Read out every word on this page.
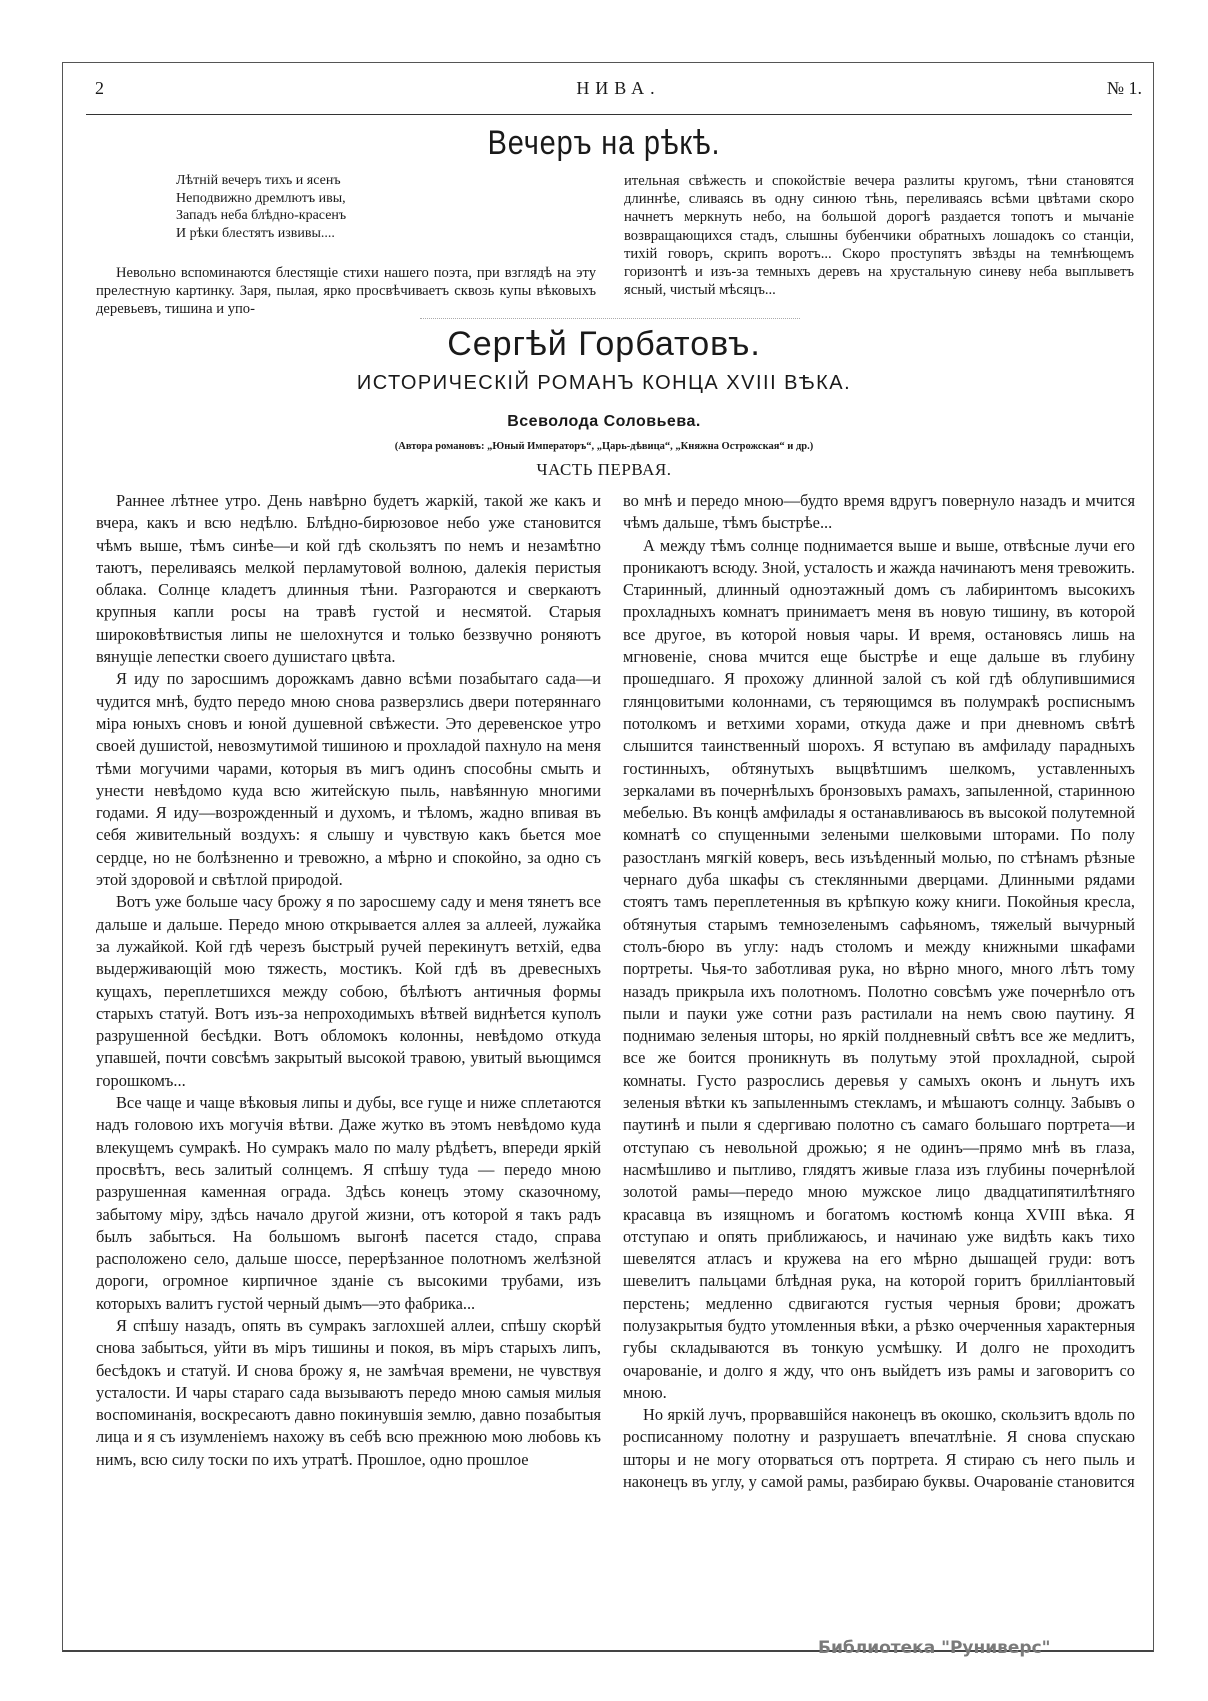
2	НИВА.	№ 1.
Вечеръ на рѣкѣ.
Лѣтній вечеръ тихъ и ясенъ
Неподвижно дремлютъ ивы,
Западъ неба блѣдно-красенъ
И рѣки блестятъ извивы....

Невольно вспоминаются блестящіе стихи нашего поэта, при взглядѣ на эту прелестную картинку. Заря, пылая, ярко просвѣчиваетъ сквозь купы вѣковыхъ деревьевъ, тишина и упо-

ительная свѣжесть и спокойствіе вечера разлиты кругомъ, тѣни становятся длиннѣе, сливаясь въ одну синюю тѣнь, переливаясь всѣми цвѣтами скоро начнетъ меркнуть небо, на большой дорогѣ раздается топотъ и мычаніе возвращающихся стадъ, слышны бубенчики обратныхъ лошадокъ со станціи, тихій говоръ, скрипъ воротъ... Скоро проступятъ звѣзды на темнѣющемъ горизонтѣ и изъ-за темныхъ деревъ на хрустальную синеву неба выплыветъ ясный, чистый мѣсяцъ...

Сергѣй Горбатовъ.
ИСТОРИЧЕСКІЙ РОМАНЪ КОНЦА XVIII ВѢКА.
Всеволода Соловьева.
(Автора романовъ: „Юный Императоръ“, „Царь-дѣвица“, „Княжна Острожская“ и др.)
ЧАСТЬ ПЕРВАЯ.

Раннее лѣтнее утро. День навѣрно будетъ жаркій, такой же какъ и вчера, какъ и всю недѣлю. Блѣдно-бирюзовое небо уже становится чѣмъ выше, тѣмъ синѣе—и кой гдѣ скользятъ по немъ и незамѣтно таютъ, переливаясь мелкой перламутовой волною, далекія перистыя облака. Солнце кладетъ длинныя тѣни. Разгораются и сверкаютъ крупныя капли росы на травѣ густой и несмятой. Старыя широковѣтвистыя липы не шелохнутся и только беззвучно роняютъ вянущіе лепестки своего душистаго цвѣта.

Я иду по заросшимъ дорожкамъ давно всѣми позабытаго сада—и чудится мнѣ, будто передо мною снова разверзлись двери потеряннаго міра юныхъ сновъ и юной душевной свѣжести. Это деревенское утро своей душистой, невозмутимой тишиною и прохладой пахнуло на меня тѣми могучими чарами, которыя въ мигъ одинъ способны смыть и унести невѣдомо куда всю житейскую пыль, навѣянную многими годами. Я иду—возрожденный и духомъ, и тѣломъ, жадно впивая въ себя живительный воздухъ: я слышу и чувствую какъ бьется мое сердце, но не болѣзненно и тревожно, а мѣрно и спокойно, за одно съ этой здоровой и свѣтлой природой.

Вотъ уже больше часу брожу я по заросшему саду и меня тянетъ все дальше и дальше. Передо мною открывается аллея за аллеей, лужайка за лужайкой. Кой гдѣ черезъ быстрый ручей перекинутъ ветхій, едва выдерживающій мою тяжесть, мостикъ. Кой гдѣ въ древесныхъ кущахъ, переплетшихся между собою, бѣлѣютъ античныя формы старыхъ статуй. Вотъ изъ-за непроходимыхъ вѣтвей виднѣется куполъ разрушенной бесѣдки. Вотъ обломокъ колонны, невѣдомо откуда упавшей, почти совсѣмъ закрытый высокой травою, увитый вьющимся горошкомъ...

Все чаще и чаще вѣковыя липы и дубы, все гуще и ниже сплетаются надъ головою ихъ могучія вѣтви. Даже жутко въ этомъ невѣдомо куда влекущемъ сумракѣ. Но сумракъ мало по малу рѣдѣетъ, впереди яркій просвѣтъ, весь залитый солнцемъ. Я спѣшу туда — передо мною разрушенная каменная ограда. Здѣсь конецъ этому сказочному, забытому міру, здѣсь начало другой жизни, отъ которой я такъ радъ былъ забыться. На большомъ выгонѣ пасется стадо, справа расположено село, дальше шоссе, перерѣзанное полотномъ желѣзной дороги, огромное кирпичное зданіе съ высокими трубами, изъ которыхъ валитъ густой черный дымъ—это фабрика...

Я спѣшу назадъ, опять въ сумракъ заглохшей аллеи, спѣшу скорѣй снова забыться, уйти въ міръ тишины и покоя, въ міръ старыхъ липъ, бесѣдокъ и статуй. И снова брожу я, не замѣчая времени, не чувствуя усталости. И чары стараго сада вызываютъ передо мною самыя милыя воспоминанія, воскресаютъ давно покинувшія землю, давно позабытыя лица и я съ изумленіемъ нахожу въ себѣ всю прежнюю мою любовь къ нимъ, всю силу тоски по ихъ утратѣ. Прошлое, одно прошлое

во мнѣ и передо мною—будто время вдругъ повернуло назадъ и мчится чѣмъ дальше, тѣмъ быстрѣе...

А между тѣмъ солнце поднимается выше и выше, отвѣсные лучи его проникаютъ всюду. Зной, усталость и жажда начинаютъ меня тревожить. Старинный, длинный одноэтажный домъ съ лабиринтомъ высокихъ прохладныхъ комнатъ принимаетъ меня въ новую тишину, въ которой все другое, въ которой новыя чары. И время, остановясь лишь на мгновеніе, снова мчится еще быстрѣе и еще дальше въ глубину прошедшаго. Я прохожу длинной залой съ кой гдѣ облупившимися глянцовитыми колоннами, съ теряющимся въ полумракѣ росписнымъ потолкомъ и ветхими хорами, откуда даже и при дневномъ свѣтѣ слышится таинственный шорохъ. Я вступаю въ амфиладу парадныхъ гостинныхъ, обтянутыхъ выцвѣтшимъ шелкомъ, уставленныхъ зеркалами въ почернѣлыхъ бронзовыхъ рамахъ, запыленной, старинною мебелью. Въ концѣ амфилады я останавливаюсь въ высокой полутемной комнатѣ со спущенными зелеными шелковыми шторами. По полу разостланъ мягкій коверъ, весь изъѣденный молью, по стѣнамъ рѣзные чернаго дуба шкафы съ стеклянными дверцами. Длинными рядами стоятъ тамъ переплетенныя въ крѣпкую кожу книги. Покойныя кресла, обтянутыя старымъ темнозеленымъ сафьяномъ, тяжелый вычурный столъ-бюро въ углу: надъ столомъ и между книжными шкафами портреты. Чья-то заботливая рука, но вѣрно много, много лѣтъ тому назадъ прикрыла ихъ полотномъ. Полотно совсѣмъ уже почернѣло отъ пыли и пауки уже сотни разъ растилали на немъ свою паутину. Я поднимаю зеленыя шторы, но яркій полдневный свѣтъ все же медлитъ, все же боится проникнуть въ полутьму этой прохладной, сырой комнаты. Густо разрослись деревья у самыхъ оконъ и льнутъ ихъ зеленыя вѣтки къ запыленнымъ стекламъ, и мѣшаютъ солнцу. Забывъ о паутинѣ и пыли я сдергиваю полотно съ самаго большаго портрета—и отступаю съ невольной дрожью; я не одинъ—прямо мнѣ въ глаза, насмѣшливо и пытливо, глядятъ живые глаза изъ глубины почернѣлой золотой рамы—передо мною мужское лицо двадцатипятилѣтняго красавца въ изящномъ и богатомъ костюмѣ конца XVIII вѣка. Я отступаю и опять приближаюсь, и начинаю уже видѣть какъ тихо шевелятся атласъ и кружева на его мѣрно дышащей груди: вотъ шевелитъ пальцами блѣдная рука, на которой горитъ брилліантовый перстень; медленно сдвигаются густыя черныя брови; дрожатъ полузакрытыя будто утомленныя вѣки, а рѣзко очерченныя характерныя губы складываются въ тонкую усмѣшку. И долго не проходитъ очарованіе, и долго я жду, что онъ выйдетъ изъ рамы и заговоритъ со мною.

Но яркій лучъ, прорвавшійся наконецъ въ окошко, скользитъ вдоль по росписанному полотну и разрушаетъ впечатлѣніе. Я снова спускаю шторы и не могу оторваться отъ портрета. Я стираю съ него пыль и наконецъ въ углу, у самой рамы, разбираю буквы. Очарованіе становится

Библиотека "Руниверс"
